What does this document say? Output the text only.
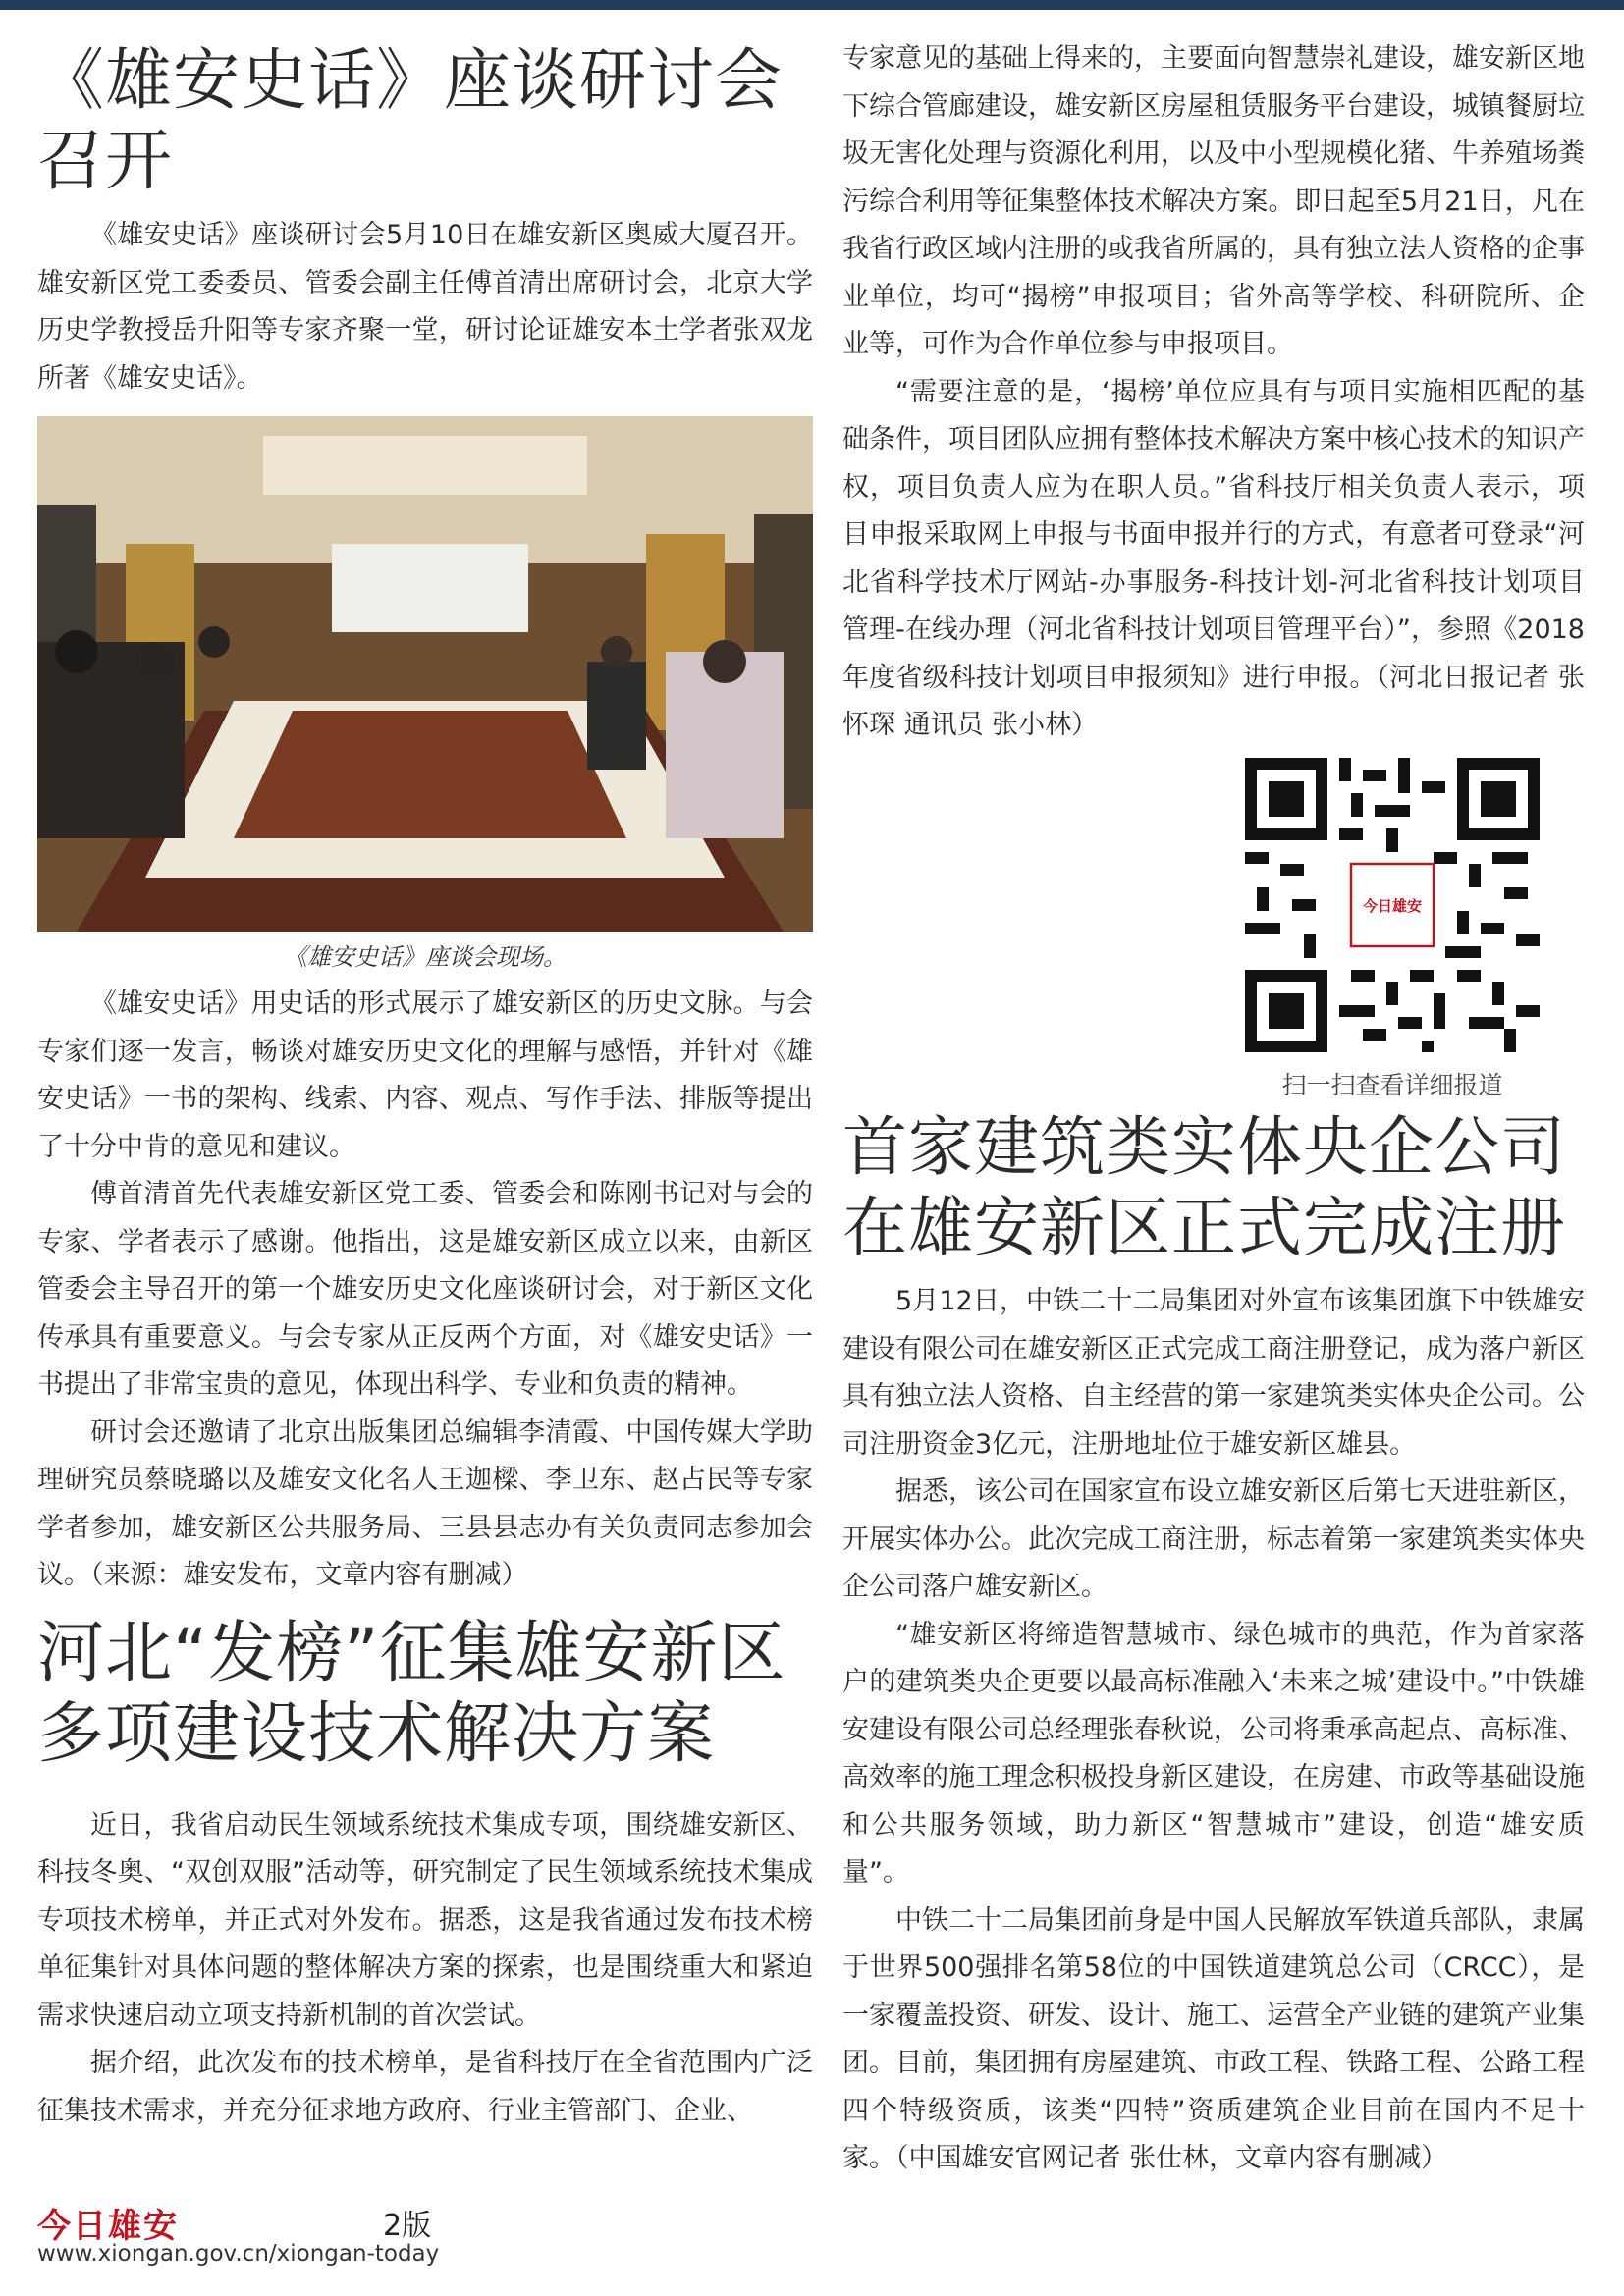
《雄安史话》座谈研讨会召开

《雄安史话》座谈研讨会5月10日在雄安新区奥威大厦召开。雄安新区党工委委员、管委会副主任傅首清出席研讨会，北京大学历史学教授岳升阳等专家齐聚一堂，研讨论证雄安本土学者张双龙所著《雄安史话》。

《雄安史话》座谈会现场。

《雄安史话》用史话的形式展示了雄安新区的历史文脉。与会专家们逐一发言，畅谈对雄安历史文化的理解与感悟，并针对《雄安史话》一书的架构、线索、内容、观点、写作手法、排版等提出了十分中肯的意见和建议。

傅首清首先代表雄安新区党工委、管委会和陈刚书记对与会的专家、学者表示了感谢。他指出，这是雄安新区成立以来，由新区管委会主导召开的第一个雄安历史文化座谈研讨会，对于新区文化传承具有重要意义。与会专家从正反两个方面，对《雄安史话》一书提出了非常宝贵的意见，体现出科学、专业和负责的精神。

研讨会还邀请了北京出版集团总编辑李清霞、中国传媒大学助理研究员蔡晓璐以及雄安文化名人王迦樑、李卫东、赵占民等专家学者参加，雄安新区公共服务局、三县县志办有关负责同志参加会议。（来源：雄安发布，文章内容有删减）

河北“发榜”征集雄安新区多项建设技术解决方案

近日，我省启动民生领域系统技术集成专项，围绕雄安新区、科技冬奥、“双创双服”活动等，研究制定了民生领域系统技术集成专项技术榜单，并正式对外发布。据悉，这是我省通过发布技术榜单征集针对具体问题的整体解决方案的探索，也是围绕重大和紧迫需求快速启动立项支持新机制的首次尝试。

据介绍，此次发布的技术榜单，是省科技厅在全省范围内广泛征集技术需求，并充分征求地方政府、行业主管部门、企业、

专家意见的基础上得来的，主要面向智慧崇礼建设，雄安新区地下综合管廊建设，雄安新区房屋租赁服务平台建设，城镇餐厨垃圾无害化处理与资源化利用，以及中小型规模化猪、牛养殖场粪污综合利用等征集整体技术解决方案。即日起至5月21日，凡在我省行政区域内注册的或我省所属的，具有独立法人资格的企事业单位，均可“揭榜”申报项目；省外高等学校、科研院所、企业等，可作为合作单位参与申报项目。

“需要注意的是，‘揭榜’单位应具有与项目实施相匹配的基础条件，项目团队应拥有整体技术解决方案中核心技术的知识产权，项目负责人应为在职人员。”省科技厅相关负责人表示，项目申报采取网上申报与书面申报并行的方式，有意者可登录“河北省科学技术厅网站-办事服务-科技计划-河北省科技计划项目管理-在线办理（河北省科技计划项目管理平台）”，参照《2018年度省级科技计划项目申报须知》进行申报。（河北日报记者 张怀琛 通讯员 张小林）

今日雄安
扫一扫查看详细报道
首家建筑类实体央企公司在雄安新区正式完成注册

5月12日，中铁二十二局集团对外宣布该集团旗下中铁雄安建设有限公司在雄安新区正式完成工商注册登记，成为落户新区具有独立法人资格、自主经营的第一家建筑类实体央企公司。公司注册资金3亿元，注册地址位于雄安新区雄县。

据悉，该公司在国家宣布设立雄安新区后第七天进驻新区，开展实体办公。此次完成工商注册，标志着第一家建筑类实体央企公司落户雄安新区。

“雄安新区将缔造智慧城市、绿色城市的典范，作为首家落户的建筑类央企更要以最高标准融入‘未来之城’建设中。”中铁雄安建设有限公司总经理张春秋说，公司将秉承高起点、高标准、高效率的施工理念积极投身新区建设，在房建、市政等基础设施和公共服务领域，助力新区“智慧城市”建设，创造“雄安质量”。

中铁二十二局集团前身是中国人民解放军铁道兵部队，隶属于世界500强排名第58位的中国铁道建筑总公司（CRCC），是一家覆盖投资、研发、设计、施工、运营全产业链的建筑产业集团。目前，集团拥有房屋建筑、市政工程、铁路工程、公路工程四个特级资质，该类“四特”资质建筑企业目前在国内不足十家。（中国雄安官网记者 张仕林，文章内容有删减）

今日雄安	2版
www.xiongan.gov.cn/xiongan-today
